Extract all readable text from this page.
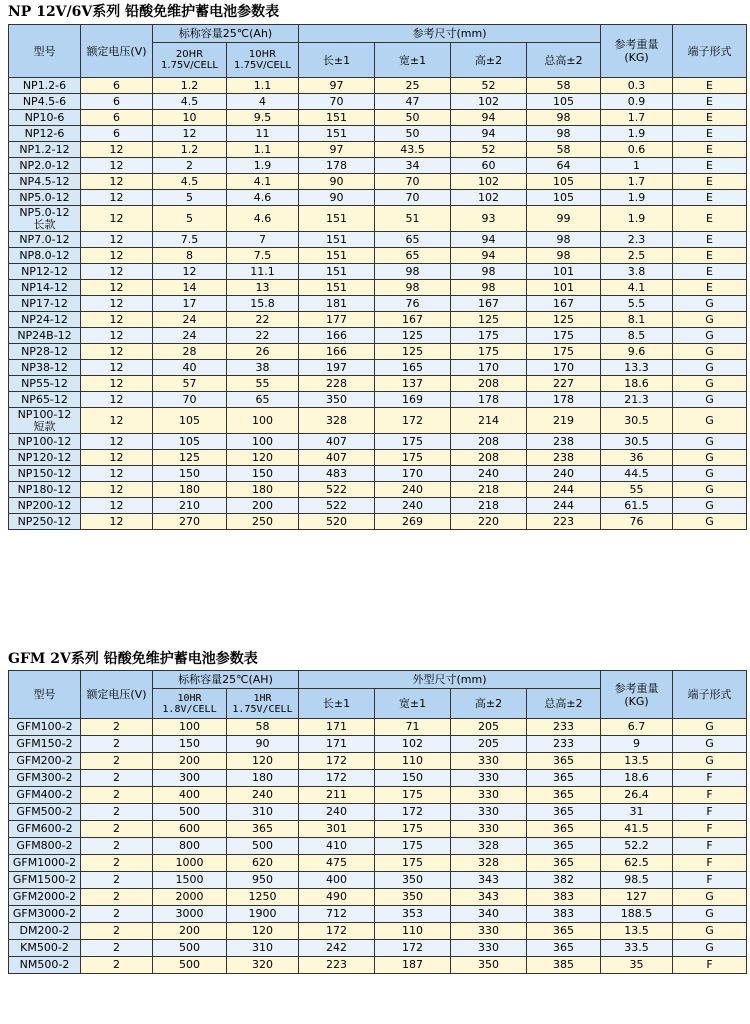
NP 12V/6V系列 铅酸免维护蓄电池参数表
型号	额定电压(V)	标称容量25℃(Ah)		参考尺寸(mm)				参考重量
(KG)	端子形式
		20HR
1.75V/CELL	10HR
1.75V/CELL	长±1	宽±1	高±2	总高±2		
NP1.2-6	6	1.2	1.1	97	25	52	58	0.3	E
NP4.5-6	6	4.5	4	70	47	102	105	0.9	E
NP10-6	6	10	9.5	151	50	94	98	1.7	E
NP12-6	6	12	11	151	50	94	98	1.9	E
NP1.2-12	12	1.2	1.1	97	43.5	52	58	0.6	E
NP2.0-12	12	2	1.9	178	34	60	64	1	E
NP4.5-12	12	4.5	4.1	90	70	102	105	1.7	E
NP5.0-12	12	5	4.6	90	70	102	105	1.9	E
NP5.0-12
长款	12	5	4.6	151	51	93	99	1.9	E
NP7.0-12	12	7.5	7	151	65	94	98	2.3	E
NP8.0-12	12	8	7.5	151	65	94	98	2.5	E
NP12-12	12	12	11.1	151	98	98	101	3.8	E
NP14-12	12	14	13	151	98	98	101	4.1	E
NP17-12	12	17	15.8	181	76	167	167	5.5	G
NP24-12	12	24	22	177	167	125	125	8.1	G
NP24B-12	12	24	22	166	125	175	175	8.5	G
NP28-12	12	28	26	166	125	175	175	9.6	G
NP38-12	12	40	38	197	165	170	170	13.3	G
NP55-12	12	57	55	228	137	208	227	18.6	G
NP65-12	12	70	65	350	169	178	178	21.3	G
NP100-12
短款	12	105	100	328	172	214	219	30.5	G
NP100-12	12	105	100	407	175	208	238	30.5	G
NP120-12	12	125	120	407	175	208	238	36	G
NP150-12	12	150	150	483	170	240	240	44.5	G
NP180-12	12	180	180	522	240	218	244	55	G
NP200-12	12	210	200	522	240	218	244	61.5	G
NP250-12	12	270	250	520	269	220	223	76	G
GFM 2V系列 铅酸免维护蓄电池参数表
型号	额定电压(V)	标称容量25℃(AH)		外型尺寸(mm)				参考重量
(KG)	端子形式
		10HR
1.8V/CELL	1HR
1.75V/CELL	长±1	宽±1	高±2	总高±2		
GFM100-2	2	100	58	171	71	205	233	6.7	G
GFM150-2	2	150	90	171	102	205	233	9	G
GFM200-2	2	200	120	172	110	330	365	13.5	G
GFM300-2	2	300	180	172	150	330	365	18.6	F
GFM400-2	2	400	240	211	175	330	365	26.4	F
GFM500-2	2	500	310	240	172	330	365	31	F
GFM600-2	2	600	365	301	175	330	365	41.5	F
GFM800-2	2	800	500	410	175	328	365	52.2	F
GFM1000-2	2	1000	620	475	175	328	365	62.5	F
GFM1500-2	2	1500	950	400	350	343	382	98.5	F
GFM2000-2	2	2000	1250	490	350	343	383	127	G
GFM3000-2	2	3000	1900	712	353	340	383	188.5	G
DM200-2	2	200	120	172	110	330	365	13.5	G
KM500-2	2	500	310	242	172	330	365	33.5	G
NM500-2	2	500	320	223	187	350	385	35	F
